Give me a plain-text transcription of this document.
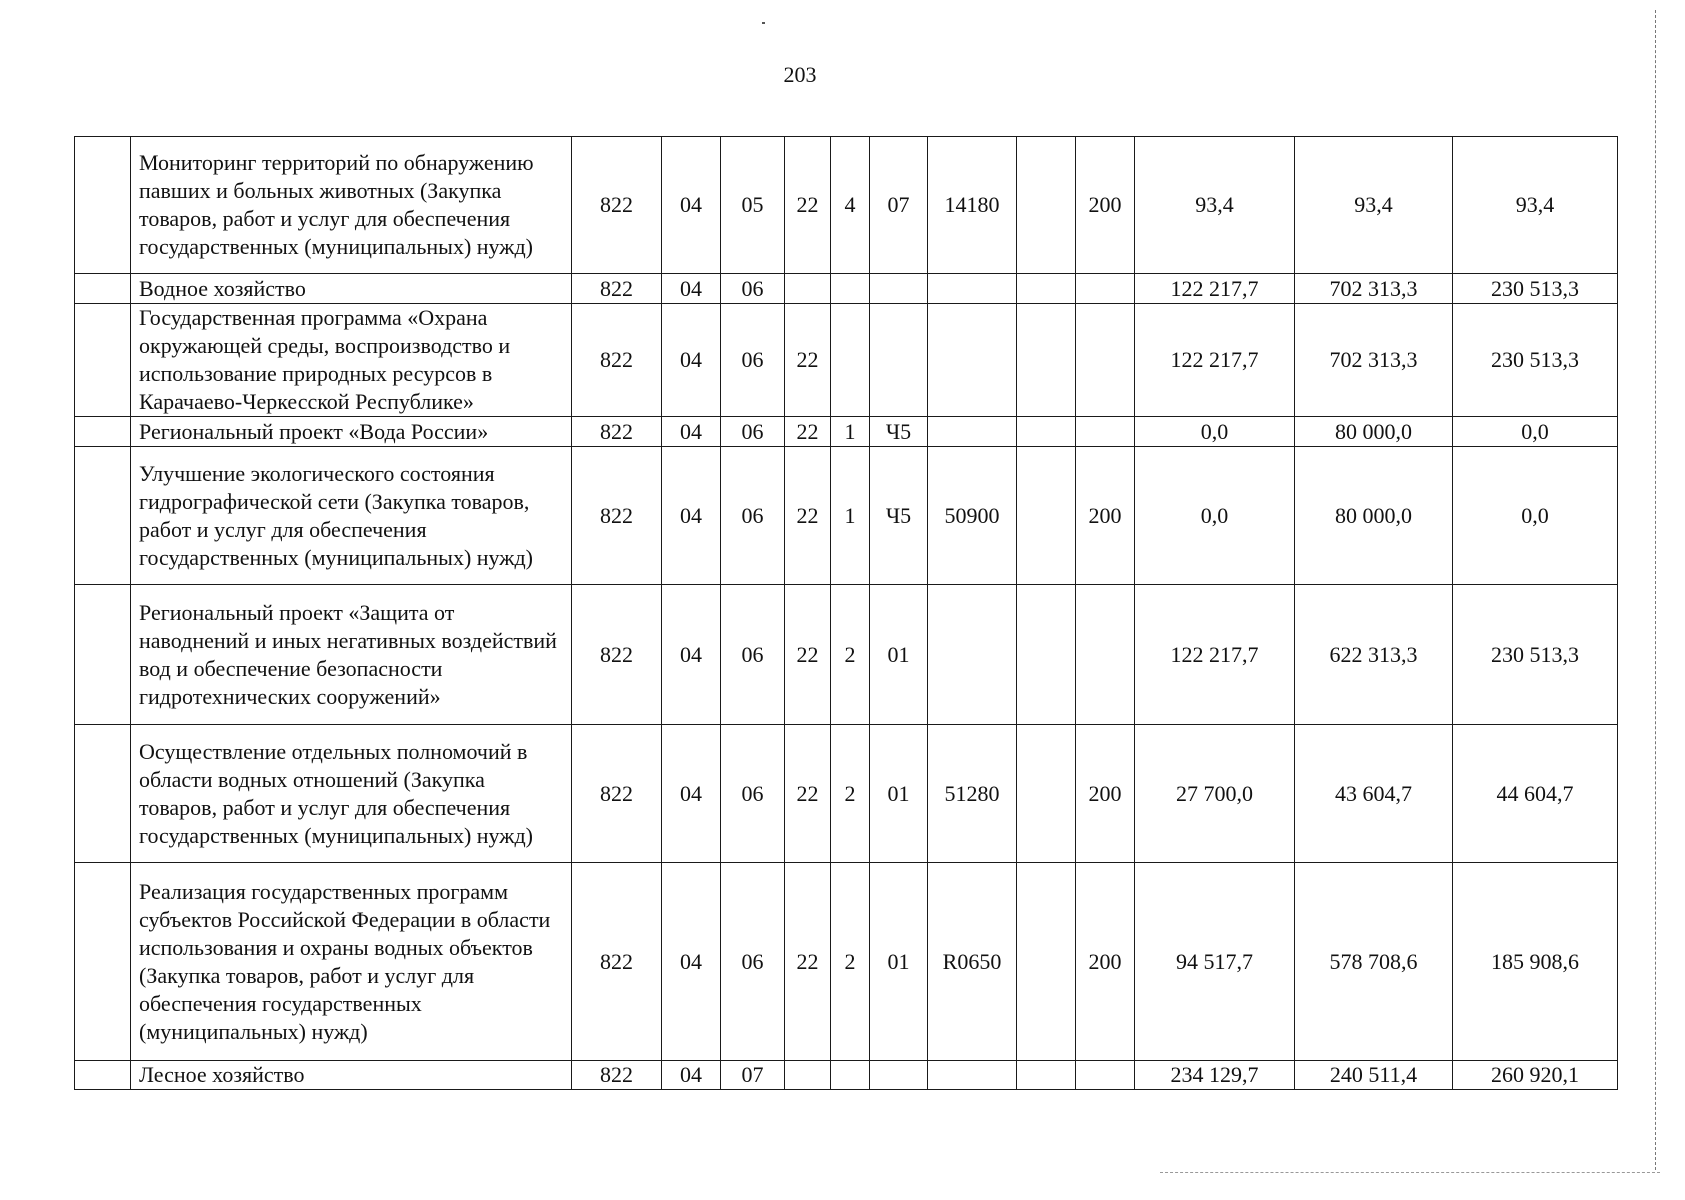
203
	Мониторинг территорий по обнаружению павших и больных животных (Закупка товаров, работ и услуг для обеспечения государственных (муниципальных) нужд)	822	04	05	22	4	07	14180		200	93,4	93,4	93,4
	Водное хозяйство	822	04	06							122 217,7	702 313,3	230 513,3
	Государственная программа «Охрана окружающей среды, воспроизводство и использование природных ресурсов в Карачаево-Черкесской Республике»	822	04	06	22						122 217,7	702 313,3	230 513,3
	Региональный проект «Вода России»	822	04	06	22	1	Ч5				0,0	80 000,0	0,0
	Улучшение экологического состояния гидрографической сети (Закупка товаров, работ и услуг для обеспечения государственных (муниципальных) нужд)	822	04	06	22	1	Ч5	50900		200	0,0	80 000,0	0,0
	Региональный проект «Защита от наводнений и иных негативных воздействий вод и обеспечение безопасности гидротехнических сооружений»	822	04	06	22	2	01				122 217,7	622 313,3	230 513,3
	Осуществление отдельных полномочий в области водных отношений (Закупка товаров, работ и услуг для обеспечения государственных (муниципальных) нужд)	822	04	06	22	2	01	51280		200	27 700,0	43 604,7	44 604,7
	Реализация государственных программ субъектов Российской Федерации в области использования и охраны водных объектов (Закупка товаров, работ и услуг для обеспечения государственных (муниципальных) нужд)	822	04	06	22	2	01	R0650		200	94 517,7	578 708,6	185 908,6
	Лесное хозяйство	822	04	07							234 129,7	240 511,4	260 920,1
